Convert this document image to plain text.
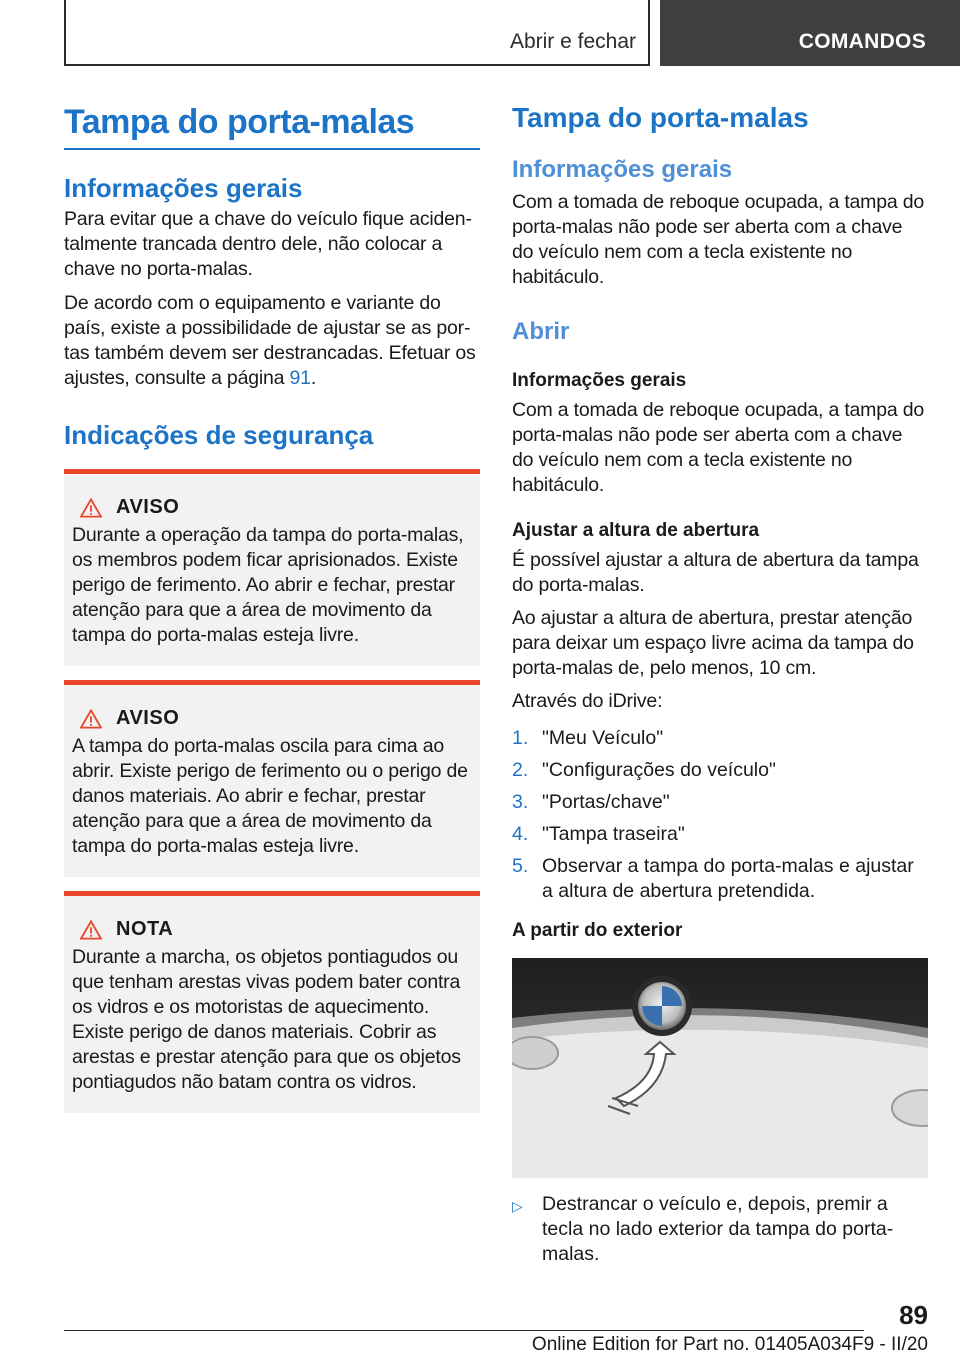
Abrir e fechar	COMANDOS
Tampa do porta-malas
Informações gerais

Para evitar que a chave do veículo fique acidentalmente trancada dentro dele, não colocar a chave no porta-malas.

De acordo com o equipamento e variante do país, existe a possibilidade de ajustar se as portas também devem ser destrancadas. Efetuar os ajustes, consulte a página 91.

Indicações de segurança
AVISO

Durante a operação da tampa do porta-malas, os membros podem ficar aprisionados. Existe perigo de ferimento. Ao abrir e fechar, prestar atenção para que a área de movimento da tampa do porta-malas esteja livre.

AVISO

A tampa do porta-malas oscila para cima ao abrir. Existe perigo de ferimento ou o perigo de danos materiais. Ao abrir e fechar, prestar atenção para que a área de movimento da tampa do porta-malas esteja livre.

NOTA

Durante a marcha, os objetos pontiagudos ou que tenham arestas vivas podem bater contra os vidros e os motoristas de aquecimento. Existe perigo de danos materiais. Cobrir as arestas e prestar atenção para que os objetos pontiagudos não batam contra os vidros.

Tampa do porta-malas
Informações gerais

Com a tomada de reboque ocupada, a tampa do porta-malas não pode ser aberta com a chave do veículo nem com a tecla existente no habitáculo.

Abrir
Informações gerais

Com a tomada de reboque ocupada, a tampa do porta-malas não pode ser aberta com a chave do veículo nem com a tecla existente no habitáculo.

Ajustar a altura de abertura

É possível ajustar a altura de abertura da tampa do porta-malas.

Ao ajustar a altura de abertura, prestar atenção para deixar um espaço livre acima da tampa do porta-malas de, pelo menos, 10 cm.

Através do iDrive:

1. "Meu Veículo"
2. "Configurações do veículo"
3. "Portas/chave"
4. "Tampa traseira"
5. Observar a tampa do porta-malas e ajustar a altura de abertura pretendida.
A partir do exterior
▷ Destrancar o veículo e, depois, premir a tecla no lado exterior da tampa do porta-malas.
89
Online Edition for Part no. 01405A034F9 - II/20
